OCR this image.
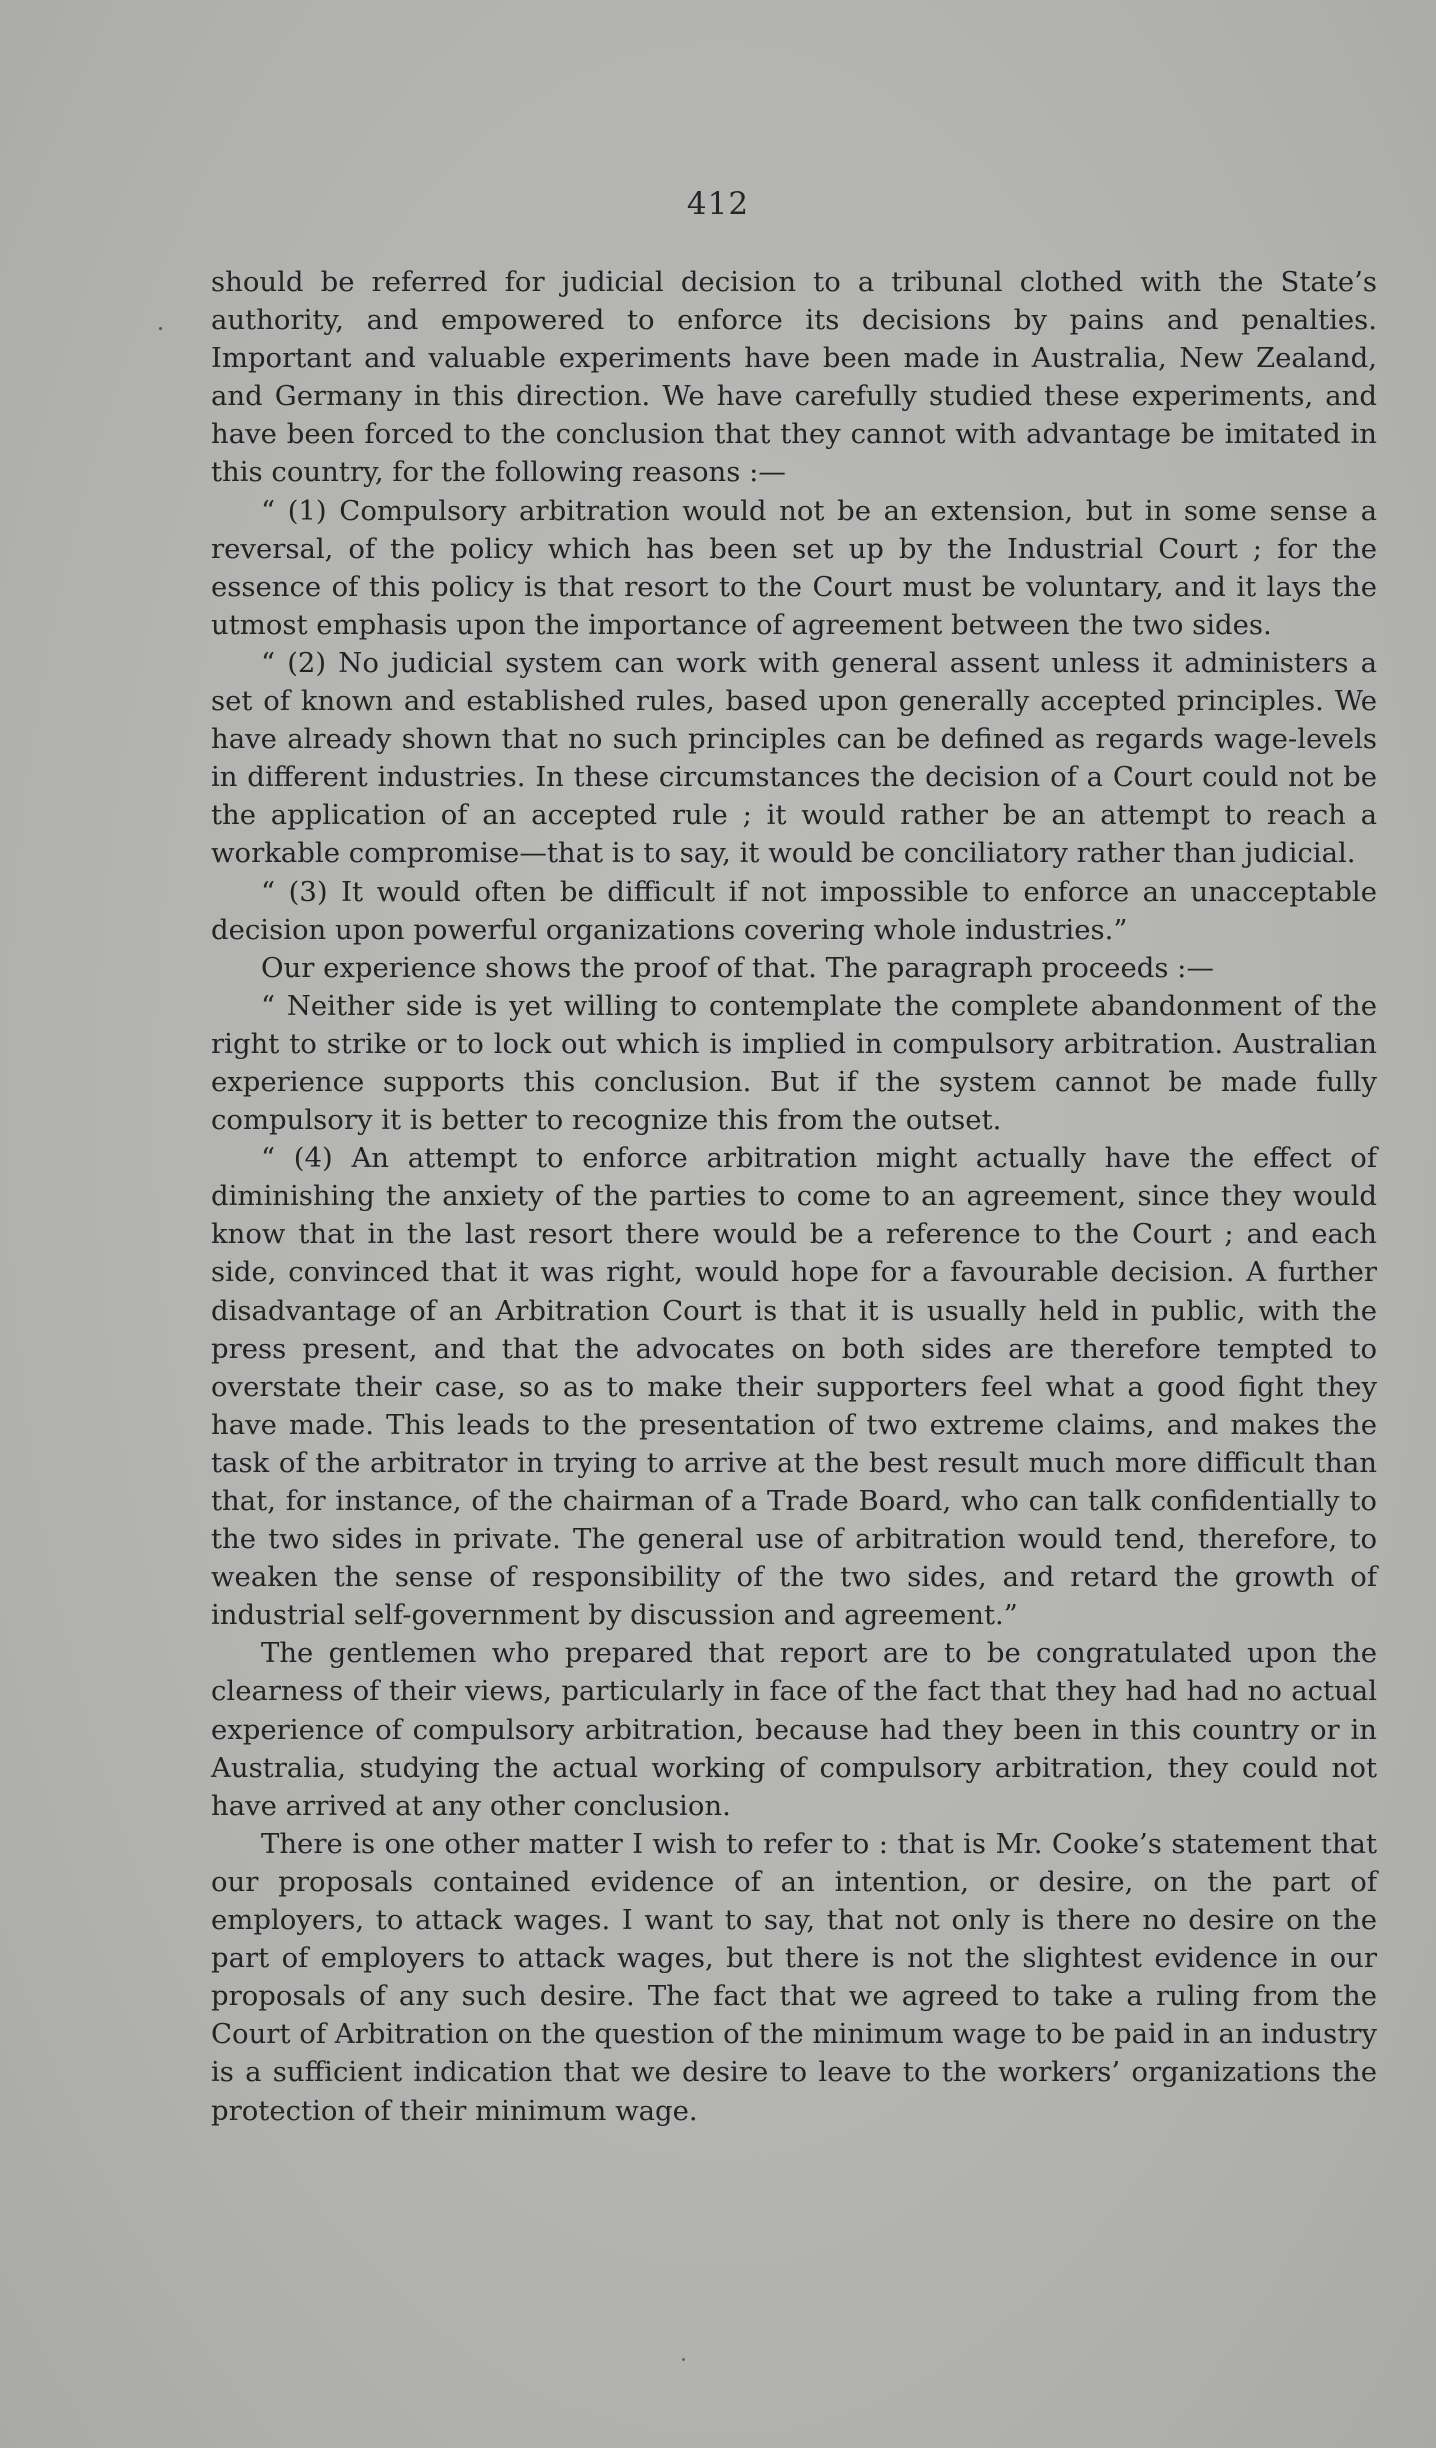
412

should be referred for judicial decision to a tribunal clothed with the State’s authority, and empowered to enforce its decisions by pains and penalties. Important and valuable experiments have been made in Australia, New Zealand, and Germany in this direction. We have carefully studied these experiments, and have been forced to the conclusion that they cannot with advantage be imitated in this country, for the following reasons :—

“ (1) Compulsory arbitration would not be an extension, but in some sense a reversal, of the policy which has been set up by the Industrial Court ; for the essence of this policy is that resort to the Court must be voluntary, and it lays the utmost emphasis upon the importance of agreement between the two sides.

“ (2) No judicial system can work with general assent unless it administers a set of known and established rules, based upon generally accepted principles. We have already shown that no such principles can be defined as regards wage-levels in different industries. In these circumstances the decision of a Court could not be the application of an accepted rule ; it would rather be an attempt to reach a workable compromise—that is to say, it would be conciliatory rather than judicial.

“ (3) It would often be difficult if not impossible to enforce an unacceptable decision upon powerful organizations covering whole industries.”

Our experience shows the proof of that. The paragraph proceeds :—

“ Neither side is yet willing to contemplate the complete abandonment of the right to strike or to lock out which is implied in compulsory arbitration. Australian experience supports this conclusion. But if the system cannot be made fully compulsory it is better to recognize this from the outset.

“ (4) An attempt to enforce arbitration might actually have the effect of diminishing the anxiety of the parties to come to an agreement, since they would know that in the last resort there would be a reference to the Court ; and each side, convinced that it was right, would hope for a favourable decision. A further disadvantage of an Arbitration Court is that it is usually held in public, with the press present, and that the advocates on both sides are therefore tempted to overstate their case, so as to make their supporters feel what a good fight they have made. This leads to the presentation of two extreme claims, and makes the task of the arbitrator in trying to arrive at the best result much more difficult than that, for instance, of the chairman of a Trade Board, who can talk confidentially to the two sides in private. The general use of arbitration would tend, therefore, to weaken the sense of responsibility of the two sides, and retard the growth of industrial self-government by discussion and agreement.”

The gentlemen who prepared that report are to be congratulated upon the clearness of their views, particularly in face of the fact that they had had no actual experience of compulsory arbitration, because had they been in this country or in Australia, studying the actual working of compulsory arbitration, they could not have arrived at any other conclusion.

There is one other matter I wish to refer to : that is Mr. Cooke’s statement that our proposals contained evidence of an intention, or desire, on the part of employers, to attack wages. I want to say, that not only is there no desire on the part of employers to attack wages, but there is not the slightest evidence in our proposals of any such desire. The fact that we agreed to take a ruling from the Court of Arbitration on the question of the minimum wage to be paid in an industry is a sufficient indication that we desire to leave to the workers’ organizations the protection of their minimum wage.
